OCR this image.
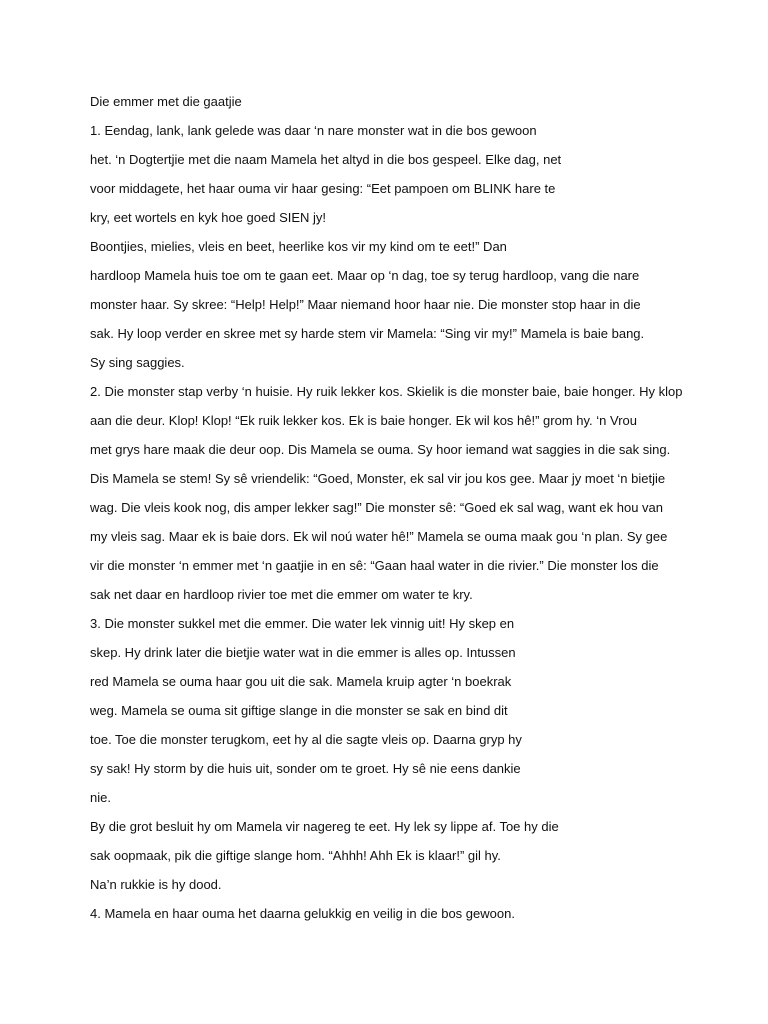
Die emmer met die gaatjie
1. Eendag, lank, lank gelede was daar ‘n nare monster wat in die bos gewoon
het. ‘n Dogtertjie met die naam Mamela het altyd in die bos gespeel. Elke dag, net
voor middagete, het haar ouma vir haar gesing: “Eet pampoen om BLINK hare te
kry, eet wortels en kyk hoe goed SIEN jy!
Boontjies, mielies, vleis en beet, heerlike kos vir my kind om te eet!” Dan
hardloop Mamela huis toe om te gaan eet. Maar op ‘n dag, toe sy terug hardloop, vang die nare
monster haar. Sy skree: “Help! Help!” Maar niemand hoor haar nie. Die monster stop haar in die
sak. Hy loop verder en skree met sy harde stem vir Mamela: “Sing vir my!” Mamela is baie bang.
Sy sing saggies.
2. Die monster stap verby ‘n huisie. Hy ruik lekker kos. Skielik is die monster baie, baie honger. Hy klop
aan die deur. Klop! Klop! “Ek ruik lekker kos. Ek is baie honger. Ek wil kos hê!” grom hy. ‘n Vrou
met grys hare maak die deur oop. Dis Mamela se ouma. Sy hoor iemand wat saggies in die sak sing.
Dis Mamela se stem! Sy sê vriendelik: “Goed, Monster, ek sal vir jou kos gee. Maar jy moet ‘n bietjie
wag. Die vleis kook nog, dis amper lekker sag!” Die monster sê: “Goed ek sal wag, want ek hou van
my vleis sag. Maar ek is baie dors. Ek wil noú water hê!” Mamela se ouma maak gou ‘n plan. Sy gee
vir die monster ‘n emmer met ‘n gaatjie in en sê: “Gaan haal water in die rivier.” Die monster los die
sak net daar en hardloop rivier toe met die emmer om water te kry.
3. Die monster sukkel met die emmer. Die water lek vinnig uit! Hy skep en
skep. Hy drink later die bietjie water wat in die emmer is alles op. Intussen
red Mamela se ouma haar gou uit die sak. Mamela kruip agter ‘n boekrak
weg. Mamela se ouma sit giftige slange in die monster se sak en bind dit
toe. Toe die monster terugkom, eet hy al die sagte vleis op. Daarna gryp hy
sy sak! Hy storm by die huis uit, sonder om te groet. Hy sê nie eens dankie
nie.
By die grot besluit hy om Mamela vir nagereg te eet. Hy lek sy lippe af. Toe hy die
sak oopmaak, pik die giftige slange hom. “Ahhh! Ahh Ek is klaar!” gil hy.
Na’n rukkie is hy dood.
4. Mamela en haar ouma het daarna gelukkig en veilig in die bos gewoon.
